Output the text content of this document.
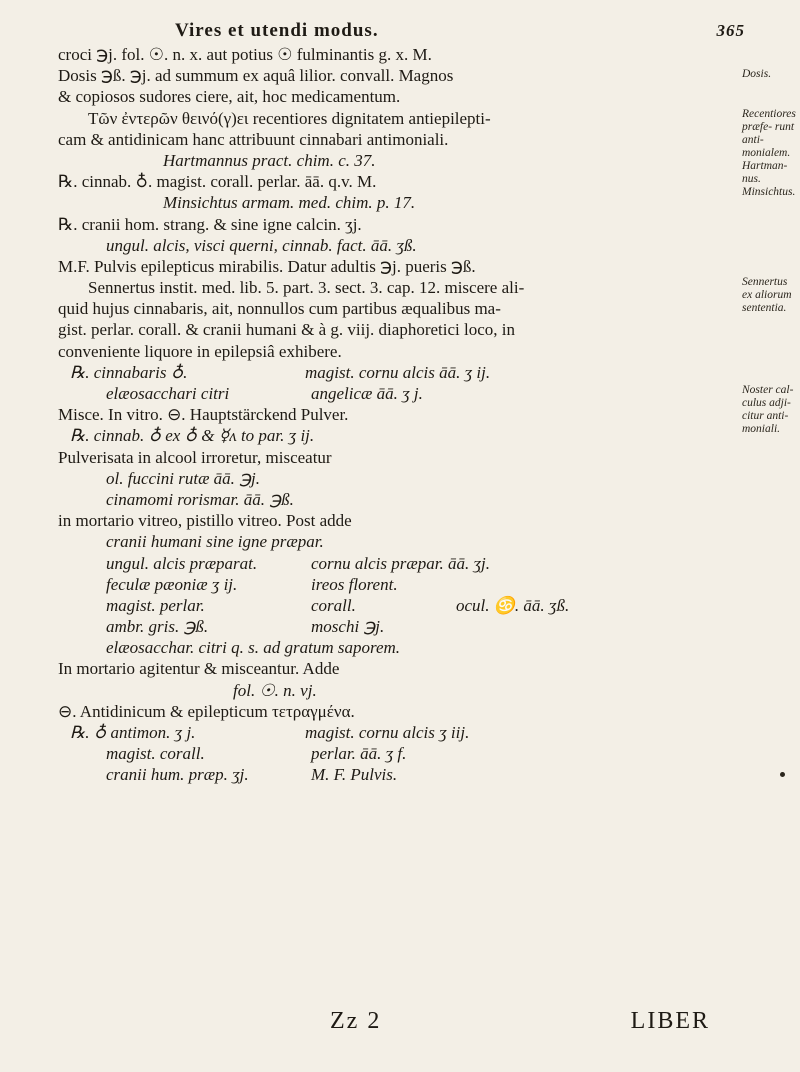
Vires et utendi modus.	365
croci ℈j. fol. ☉. n. x. aut potius ☉ fulminantis g. x. M.
Dosis ℈ß. ℈j. ad summum ex aquâ lilior. convall. Magnos
& copiosos sudores ciere, ait, hoc medicamentum.
Τῶν ἐντερῶν θεινό(γ)ει recentiores dignitatem antiepilepti-
cam & antidinicam hanc attribuunt cinnabari antimoniali.
Hartmannus pract. chim. c. 37.
℞. cinnab. ♁. magist. corall. perlar. āā. q.v. M.
Minsichtus armam. med. chim. p. 17.
℞. cranii hom. strang. & sine igne calcin. ʒj.
ungul. alcis, visci querni, cinnab. fact. āā. ʒß.
M.F. Pulvis epilepticus mirabilis. Datur adultis ℈j. pueris ℈ß.
Sennertus instit. med. lib. 5. part. 3. sect. 3. cap. 12. miscere ali-
quid hujus cinnabaris, ait, nonnullos cum partibus æqualibus ma-
gist. perlar. corall. & cranii humani & à g. viij. diaphoretici loco, in
conveniente liquore in epilepsiâ exhibere.
℞. cinnabaris ♁.	magist. cornu alcis āā. ʒ ij.
elæosacchari citri	angelicæ āā. ʒ j.
Misce. In vitro. ⊖. Hauptstärckend Pulver.
℞. cinnab. ♁ ex ♁ & ☿ʌ to par. ʒ ij.
Pulverisata in alcool irroretur, misceatur
ol. fuccini rutæ āā. ℈j.
cinamomi rorismar. āā. ℈ß.
in mortario vitreo, pistillo vitreo. Post adde
cranii humani sine igne præpar.
ungul. alcis præparat.	cornu alcis præpar. āā. ʒj.
feculæ pæoniæ ʒ ij.	ireos florent.
magist. perlar.	corall.	ocul. ♋. āā. ʒß.
ambr. gris. ℈ß.	moschi ℈j.
elæosacchar. citri q. s. ad gratum saporem.
In mortario agitentur & misceantur. Adde
fol. ☉. n. vj.
⊖. Antidinicum & epilepticum τετραγμένα.
℞. ♁ antimon. ʒ j.	magist. cornu alcis ʒ iij.
magist. corall.	perlar. āā. ʒ f.
cranii hum. præp. ʒj.	M. F. Pulvis.
Dosis.
Recentiores præfe- runt anti- monialem. Hartman- nus. Minsichtus.
Sennertus ex aliorum sententia.
Noster cal- culus adji- citur anti- moniali.
Zz 2	LIBER
